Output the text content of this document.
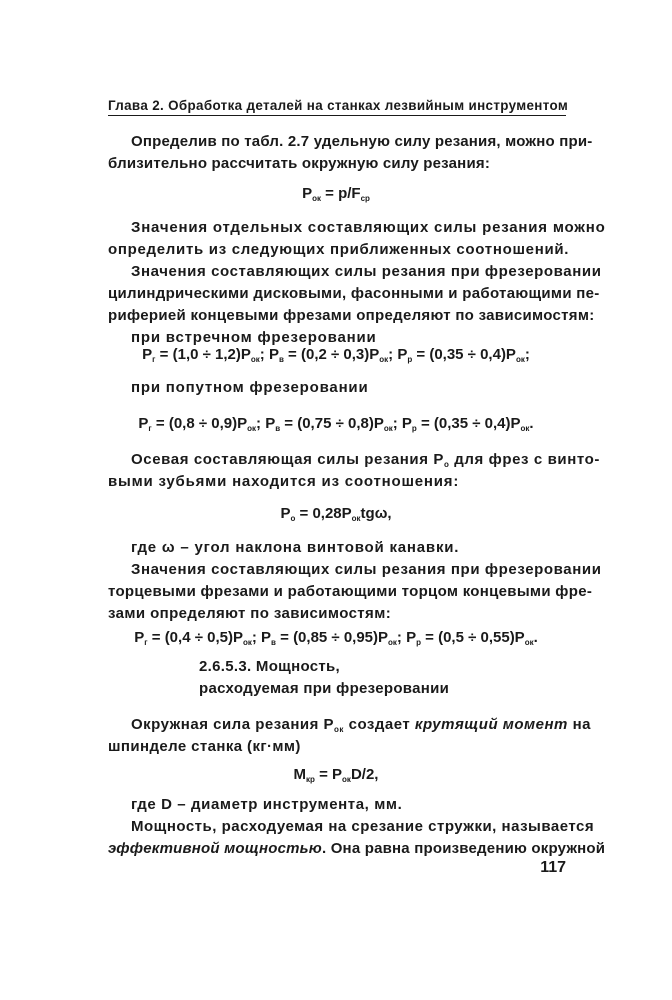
Глава 2. Обработка деталей на станках лезвийным инструментом
Определив по табл. 2.7 удельную силу резания, можно при-
близительно рассчитать окружную силу резания:
$P_{ок} = p/F_{ср}$
Значения отдельных составляющих силы резания можно
определить из следующих приближенных соотношений.
Значения составляющих силы резания при фрезеровании
цилиндрическими дисковыми, фасонными и работающими пе-
риферией концевыми фрезами определяют по зависимостям:
при встречном фрезеровании
$P_г = (1,0 \div 1,2)P_{ок}$; $P_в = (0,2 \div 0,3)P_{ок}$; $P_р = (0,35 \div 0,4)P_{ок}$;
при попутном фрезеровании
$P_г = (0,8 \div 0,9)P_{ок}$; $P_в = (0,75 \div 0,8)P_{ок}$; $P_р = (0,35 \div 0,4)P_{ок}$.
Осевая составляющая силы резания $P_о$ для фрез с винто-
выми зубьями находится из соотношения:
$P_о = 0,28P_{ок}tg\omega$,
где ω – угол наклона винтовой канавки.
Значения составляющих силы резания при фрезеровании
торцевыми фрезами и работающими торцом концевыми фре-
зами определяют по зависимостям:
$P_г = (0,4 \div 0,5)P_{ок}$; $P_в = (0,85 \div 0,95)P_{ок}$; $P_р = (0,5 \div 0,55)P_{ок}$.
2.6.5.3. Мощность,
расходуемая при фрезеровании
Окружная сила резания $P_{ок}$ создает крутящий момент на
шпинделе станка (кг·мм)
$M_{кр} = P_{ок}D/2$,
где D – диаметр инструмента, мм.
Мощность, расходуемая на срезание стружки, называется
эффективной мощностью. Она равна произведению окружной
117
